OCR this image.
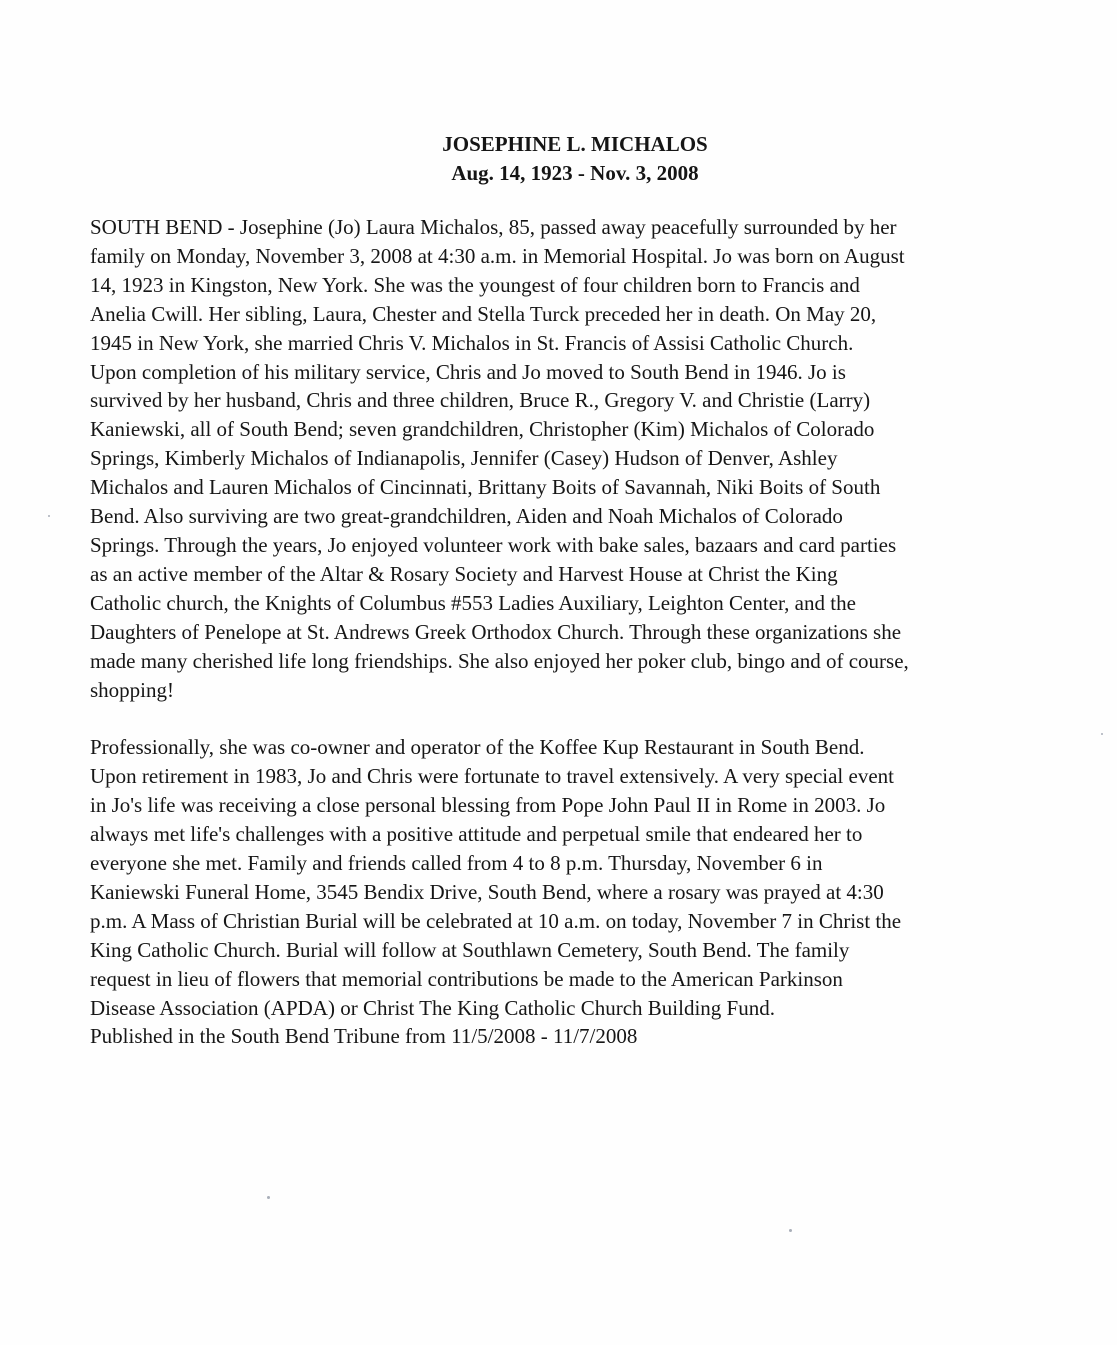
JOSEPHINE L. MICHALOS
Aug. 14, 1923 - Nov. 3, 2008

SOUTH BEND - Josephine (Jo) Laura Michalos, 85, passed away peacefully surrounded by her
family on Monday, November 3, 2008 at 4:30 a.m. in Memorial Hospital. Jo was born on August
14, 1923 in Kingston, New York. She was the youngest of four children born to Francis and
Anelia Cwill. Her sibling, Laura, Chester and Stella Turck preceded her in death. On May 20,
1945 in New York, she married Chris V. Michalos in St. Francis of Assisi Catholic Church.
Upon completion of his military service, Chris and Jo moved to South Bend in 1946. Jo is
survived by her husband, Chris and three children, Bruce R., Gregory V. and Christie (Larry)
Kaniewski, all of South Bend; seven grandchildren, Christopher (Kim) Michalos of Colorado
Springs, Kimberly Michalos of Indianapolis, Jennifer (Casey) Hudson of Denver, Ashley
Michalos and Lauren Michalos of Cincinnati, Brittany Boits of Savannah, Niki Boits of South
Bend. Also surviving are two great-grandchildren, Aiden and Noah Michalos of Colorado
Springs. Through the years, Jo enjoyed volunteer work with bake sales, bazaars and card parties
as an active member of the Altar & Rosary Society and Harvest House at Christ the King
Catholic church, the Knights of Columbus #553 Ladies Auxiliary, Leighton Center, and the
Daughters of Penelope at St. Andrews Greek Orthodox Church. Through these organizations she
made many cherished life long friendships. She also enjoyed her poker club, bingo and of course,
shopping!

Professionally, she was co-owner and operator of the Koffee Kup Restaurant in South Bend.
Upon retirement in 1983, Jo and Chris were fortunate to travel extensively. A very special event
in Jo's life was receiving a close personal blessing from Pope John Paul II in Rome in 2003. Jo
always met life's challenges with a positive attitude and perpetual smile that endeared her to
everyone she met. Family and friends called from 4 to 8 p.m. Thursday, November 6 in
Kaniewski Funeral Home, 3545 Bendix Drive, South Bend, where a rosary was prayed at 4:30
p.m. A Mass of Christian Burial will be celebrated at 10 a.m. on today, November 7 in Christ the
King Catholic Church. Burial will follow at Southlawn Cemetery, South Bend. The family
request in lieu of flowers that memorial contributions be made to the American Parkinson
Disease Association (APDA) or Christ The King Catholic Church Building Fund.
Published in the South Bend Tribune from 11/5/2008 - 11/7/2008
